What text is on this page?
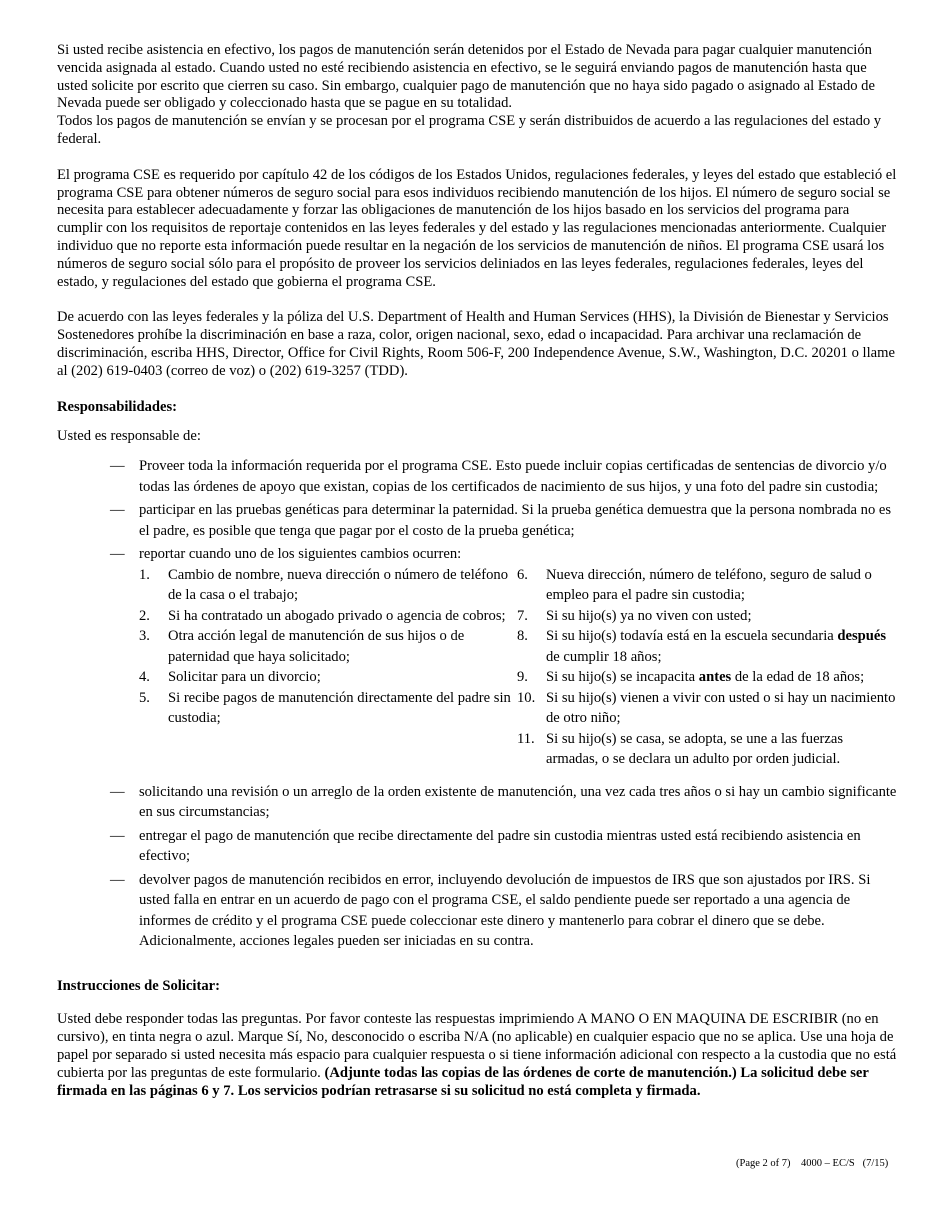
Si usted recibe asistencia en efectivo, los pagos de manutención serán detenidos por el Estado de Nevada para pagar cualquier manutención vencida asignada al estado. Cuando usted no esté recibiendo asistencia en efectivo, se le seguirá enviando pagos de manutención hasta que usted solicite por escrito que cierren su caso. Sin embargo, cualquier pago de manutención que no haya sido pagado o asignado al Estado de Nevada puede ser obligado y coleccionado hasta que se pague en su totalidad.

Todos los pagos de manutención se envían y se procesan por el programa CSE y serán distribuidos de acuerdo a las regulaciones del estado y federal.

El programa CSE es requerido por capítulo 42 de los códigos de los Estados Unidos, regulaciones federales, y leyes del estado que estableció el programa CSE para obtener números de seguro social para esos individuos recibiendo manutención de los hijos. El número de seguro social se necesita para establecer adecuadamente y forzar las obligaciones de manutención de los hijos basado en los servicios del programa para cumplir con los requisitos de reportaje contenidos en las leyes federales y del estado y las regulaciones mencionadas anteriormente. Cualquier individuo que no reporte esta información puede resultar en la negación de los servicios de manutención de niños. El programa CSE usará los números de seguro social sólo para el propósito de proveer los servicios deliniados en las leyes federales, regulaciones federales, leyes del estado, y regulaciones del estado que gobierna el programa CSE.

De acuerdo con las leyes federales y la póliza del U.S. Department of Health and Human Services (HHS), la División de Bienestar y Servicios Sostenedores prohíbe la discriminación en base a raza, color, origen nacional, sexo, edad o incapacidad. Para archivar una reclamación de discriminación, escriba HHS, Director, Office for Civil Rights, Room 506-F, 200 Independence Avenue, S.W., Washington, D.C. 20201 o llame al (202) 619-0403 (correo de voz) o (202) 619-3257 (TDD).

Responsabilidades:

Usted es responsable de:

— Proveer toda la información requerida por el programa CSE. Esto puede incluir copias certificadas de sentencias de divorcio y/o todas las órdenes de apoyo que existan, copias de los certificados de nacimiento de sus hijos, y una foto del padre sin custodia;
— participar en las pruebas genéticas para determinar la paternidad. Si la prueba genética demuestra que la persona nombrada no es el padre, es posible que tenga que pagar por el costo de la prueba genética;
— reportar cuando uno de los siguientes cambios ocurren:
1. Cambio de nombre, nueva dirección o número de teléfono de la casa o el trabajo;
2. Si ha contratado un abogado privado o agencia de cobros;
3. Otra acción legal de manutención de sus hijos o de paternidad que haya solicitado;
4. Solicitar para un divorcio;
5. Si recibe pagos de manutención directamente del padre sin custodia;
6. Nueva dirección, número de teléfono, seguro de salud o empleo para el padre sin custodia;
7. Si su hijo(s) ya no viven con usted;
8. Si su hijo(s) todavía está en la escuela secundaria después de cumplir 18 años;
9. Si su hijo(s) se incapacita antes de la edad de 18 años;
10. Si su hijo(s) vienen a vivir con usted o si hay un nacimiento de otro niño;
11. Si su hijo(s) se casa, se adopta, se une a las fuerzas armadas, o se declara un adulto por orden judicial.
— solicitando una revisión o un arreglo de la orden existente de manutención, una vez cada tres años o si hay un cambio significante en sus circumstancias;
— entregar el pago de manutención que recibe directamente del padre sin custodia mientras usted está recibiendo asistencia en efectivo;
— devolver pagos de manutención recibidos en error, incluyendo devolución de impuestos de IRS que son ajustados por IRS. Si usted falla en entrar en un acuerdo de pago con el programa CSE, el saldo pendiente puede ser reportado a una agencia de informes de crédito y el programa CSE puede coleccionar este dinero y mantenerlo para cobrar el dinero que se debe. Adicionalmente, acciones legales pueden ser iniciadas en su contra.

Instrucciones de Solicitar:

Usted debe responder todas las preguntas. Por favor conteste las respuestas imprimiendo A MANO O EN MAQUINA DE ESCRIBIR (no en cursivo), en tinta negra o azul. Marque Sí, No, desconocido o escriba N/A (no aplicable) en cualquier espacio que no se aplica. Use una hoja de papel por separado si usted necesita más espacio para cualquier respuesta o si tiene información adicional con respecto a la custodia que no está cubierta por las preguntas de este formulario. (Adjunte todas las copias de las órdenes de corte de manutención.) La solicitud debe ser firmada en las páginas 6 y 7. Los servicios podrían retrasarse si su solicitud no está completa y firmada.

(Page 2 of 7)    4000 – EC/S   (7/15)
